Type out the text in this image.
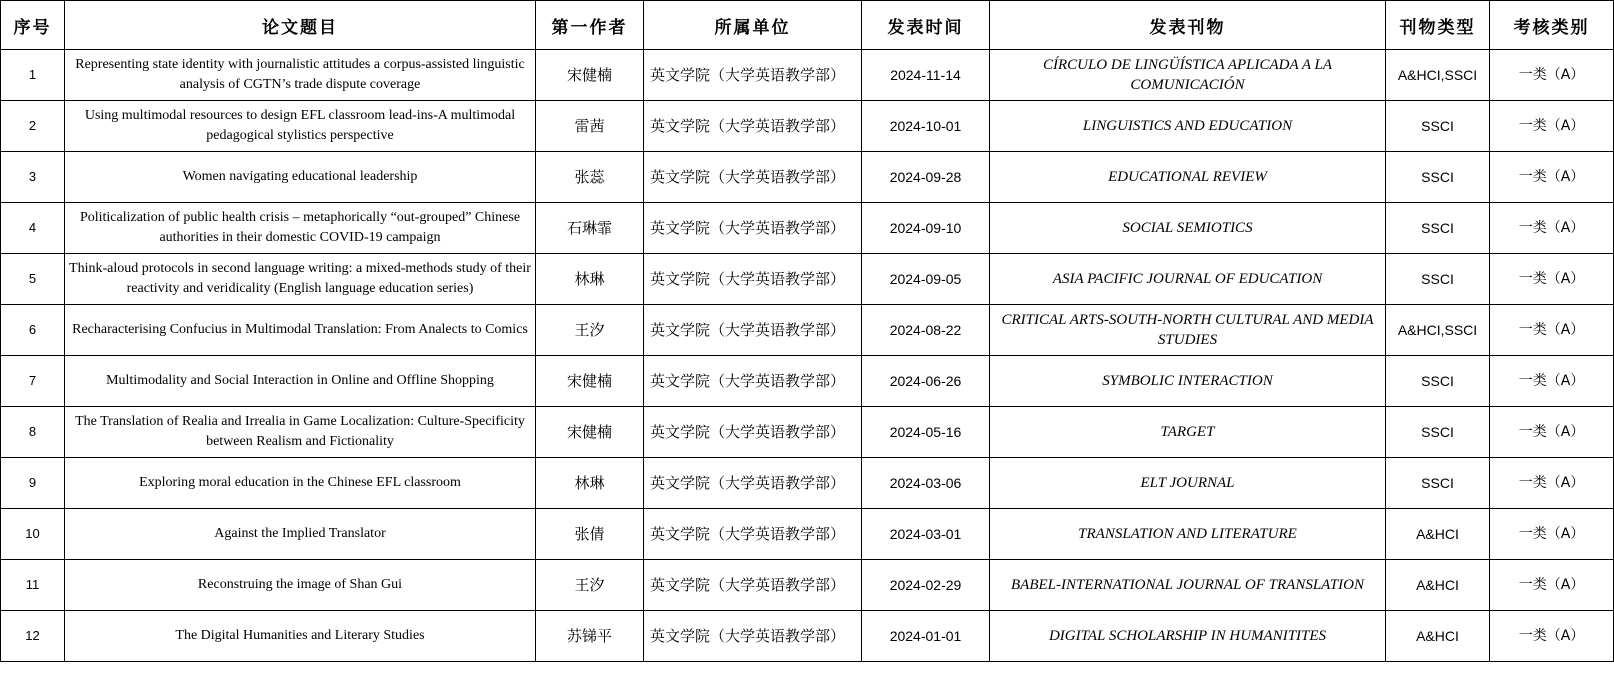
序号	论文题目	第一作者	所属单位	发表时间	发表刊物	刊物类型	考核类别
1	Representing state identity with journalistic attitudes a corpus-assisted linguistic analysis of CGTN’s trade dispute coverage	宋健楠	英文学院（大学英语教学部）	2024-11-14	CÍRCULO DE LINGÜÍSTICA APLICADA A LA COMUNICACIÓN	A&HCI,SSCI	一类（A）
2	Using multimodal resources to design EFL classroom lead-ins-A multimodal pedagogical stylistics perspective	雷茜	英文学院（大学英语教学部）	2024-10-01	LINGUISTICS AND EDUCATION	SSCI	一类（A）
3	Women navigating educational leadership	张蕊	英文学院（大学英语教学部）	2024-09-28	EDUCATIONAL REVIEW	SSCI	一类（A）
4	Politicalization of public health crisis – metaphorically “out-grouped” Chinese authorities in their domestic COVID-19 campaign	石琳霏	英文学院（大学英语教学部）	2024-09-10	SOCIAL SEMIOTICS	SSCI	一类（A）
5	Think-aloud protocols in second language writing: a mixed-methods study of their reactivity and veridicality (English language education series)	林琳	英文学院（大学英语教学部）	2024-09-05	ASIA PACIFIC JOURNAL OF EDUCATION	SSCI	一类（A）
6	Recharacterising Confucius in Multimodal Translation: From Analects to Comics	王汐	英文学院（大学英语教学部）	2024-08-22	CRITICAL ARTS-SOUTH-NORTH CULTURAL AND MEDIA STUDIES	A&HCI,SSCI	一类（A）
7	Multimodality and Social Interaction in Online and Offline Shopping	宋健楠	英文学院（大学英语教学部）	2024-06-26	SYMBOLIC INTERACTION	SSCI	一类（A）
8	The Translation of Realia and Irrealia in Game Localization: Culture-Specificity between Realism and Fictionality	宋健楠	英文学院（大学英语教学部）	2024-05-16	TARGET	SSCI	一类（A）
9	Exploring moral education in the Chinese EFL classroom	林琳	英文学院（大学英语教学部）	2024-03-06	ELT JOURNAL	SSCI	一类（A）
10	Against the Implied Translator	张倩	英文学院（大学英语教学部）	2024-03-01	TRANSLATION AND LITERATURE	A&HCI	一类（A）
11	Reconstruing the image of Shan Gui	王汐	英文学院（大学英语教学部）	2024-02-29	BABEL-INTERNATIONAL JOURNAL OF TRANSLATION	A&HCI	一类（A）
12	The Digital Humanities and Literary Studies	苏锑平	英文学院（大学英语教学部）	2024-01-01	DIGITAL SCHOLARSHIP IN HUMANITITES	A&HCI	一类（A）
